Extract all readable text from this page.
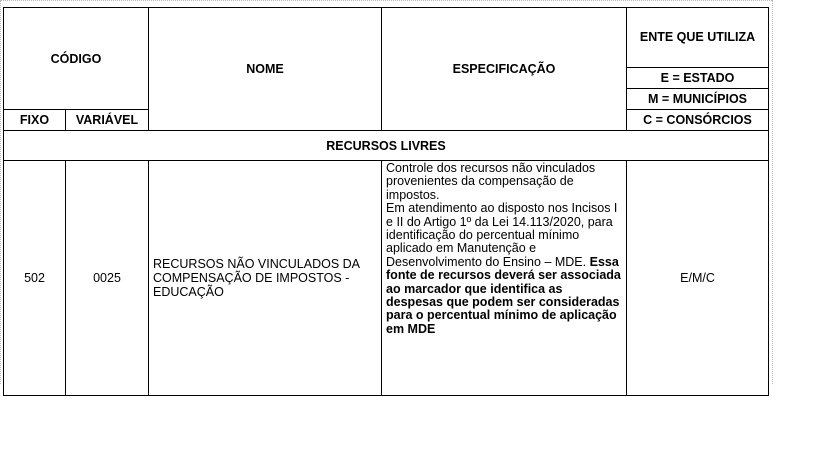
CÓDIGO		NOME	ESPECIFICAÇÃO	ENTE QUE UTILIZA
				E = ESTADO
				M = MUNICÍPIOS
FIXO	VARIÁVEL			C = CONSÓRCIOS
RECURSOS LIVRES				
502	0025	RECURSOS NÃO VINCULADOS DA COMPENSAÇÃO DE IMPOSTOS - EDUCAÇÃO	Controle dos recursos não vinculados provenientes da compensação de impostos.
Em atendimento ao disposto nos Incisos I e II do Artigo 1º da Lei 14.113/2020, para identificação do percentual mínimo aplicado em Manutenção e Desenvolvimento do Ensino – MDE. Essa fonte de recursos deverá ser associada ao marcador que identifica as despesas que podem ser consideradas para o percentual mínimo de aplicação em MDE	E/M/C
